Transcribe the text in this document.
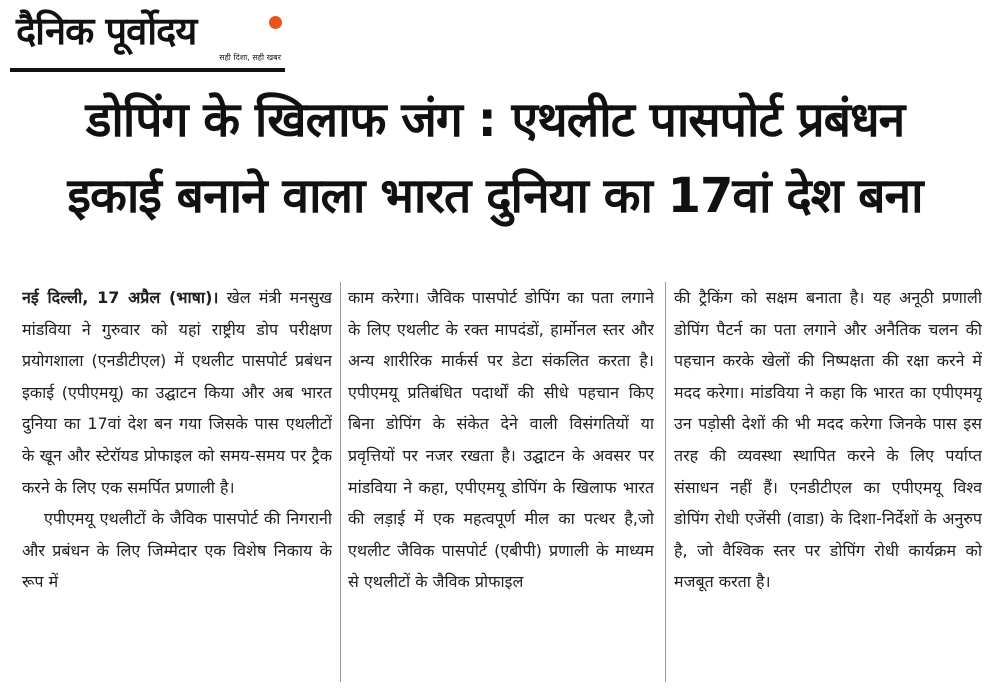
दैनिक पूर्वोदय
सही दिशा, सही खबर
डोपिंग के खिलाफ जंग : एथलीट पासपोर्ट प्रबंधन
इकाई बनाने वाला भारत दुनिया का 17वां देश बना

नई दिल्ली, 17 अप्रैल (भाषा)। खेल मंत्री मनसुख मांडविया ने गुरुवार को यहां राष्ट्रीय डोप परीक्षण प्रयोगशाला (एनडीटीएल) में एथलीट पासपोर्ट प्रबंधन इकाई (एपीएमयू) का उद्घाटन किया और अब भारत दुनिया का 17वां देश बन गया जिसके पास एथलीटों के खून और स्टेरॉयड प्रोफाइल को समय-समय पर ट्रैक करने के लिए एक समर्पित प्रणाली है।

एपीएमयू एथलीटों के जैविक पासपोर्ट की निगरानी और प्रबंधन के लिए जिम्मेदार एक विशेष निकाय के रूप में

काम करेगा। जैविक पासपोर्ट डोपिंग का पता लगाने के लिए एथलीट के रक्त मापदंडों, हार्मोनल स्तर और अन्य शारीरिक मार्कर्स पर डेटा संकलित करता है। एपीएमयू प्रतिबंधित पदार्थों की सीधे पहचान किए बिना डोपिंग के संकेत देने वाली विसंगतियों या प्रवृत्तियों पर नजर रखता है। उद्घाटन के अवसर पर मांडविया ने कहा, एपीएमयू डोपिंग के खिलाफ भारत की लड़ाई में एक महत्वपूर्ण मील का पत्थर है,जो एथलीट जैविक पासपोर्ट (एबीपी) प्रणाली के माध्यम से एथलीटों के जैविक प्रोफाइल

की ट्रैकिंग को सक्षम बनाता है। यह अनूठी प्रणाली डोपिंग पैटर्न का पता लगाने और अनैतिक चलन की पहचान करके खेलों की निष्पक्षता की रक्षा करने में मदद करेगा। मांडविया ने कहा कि भारत का एपीएमयू उन पड़ोसी देशों की भी मदद करेगा जिनके पास इस तरह की व्यवस्था स्थापित करने के लिए पर्याप्त संसाधन नहीं हैं। एनडीटीएल का एपीएमयू विश्व डोपिंग रोधी एजेंसी (वाडा) के दिशा-निर्देशों के अनुरुप है, जो वैश्विक स्तर पर डोपिंग रोधी कार्यक्रम को मजबूत करता है।
